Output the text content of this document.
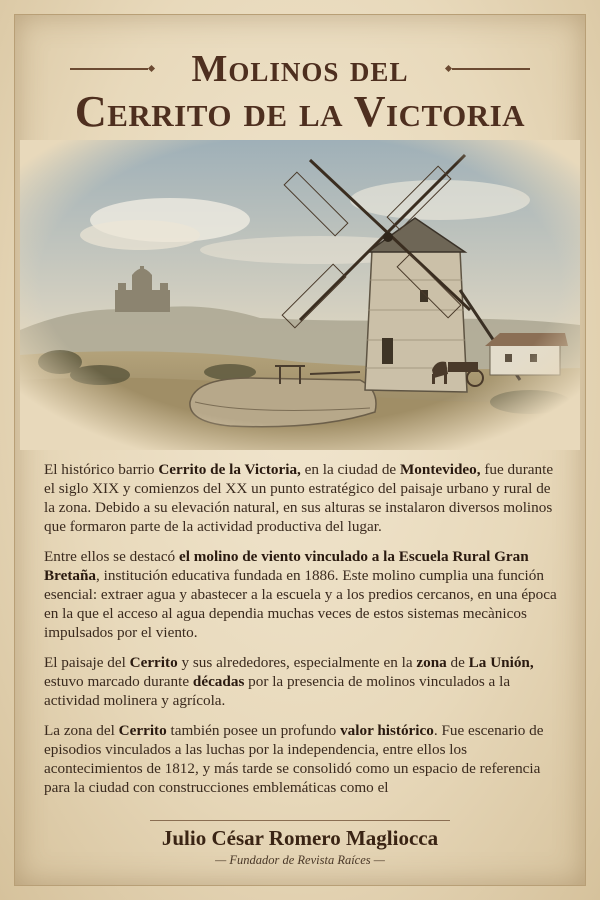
Molinos del
Cerrito de la Victoria

El histórico barrio Cerrito de la Victoria, en la ciudad de Montevideo, fue durante el siglo XIX y comienzos del XX un punto estratégico del paisaje urbano y rural de la zona. Debido a su elevación natural, en sus alturas se instalaron diversos molinos que formaron parte de la actividad productiva del lugar.

Entre ellos se destacó el molino de viento vinculado a la Escuela Rural Gran Bretaña, institución educativa fundada en 1886. Este molino cumplia una función esencial: extraer agua y abastecer a la escuela y a los predios cercanos, en una época en la que el acceso al agua dependia muchas veces de estos sistemas mecànicos impulsados por el viento.

El paisaje del Cerrito y sus alrededores, especialmente en la zona de La Unión, estuvo marcado durante décadas por la presencia de molinos vinculados a la actividad molinera y agrícola.

La zona del Cerrito también posee un profundo valor histórico. Fue escenario de episodios vinculados a las luchas por la independencia, entre ellos los acontecimientos de 1812, y más tarde se consolidó como un espacio de referencia para la ciudad con construcciones emblemáticas como el

Julio César Romero Magliocca
— Fundador de Revista Raíces —
